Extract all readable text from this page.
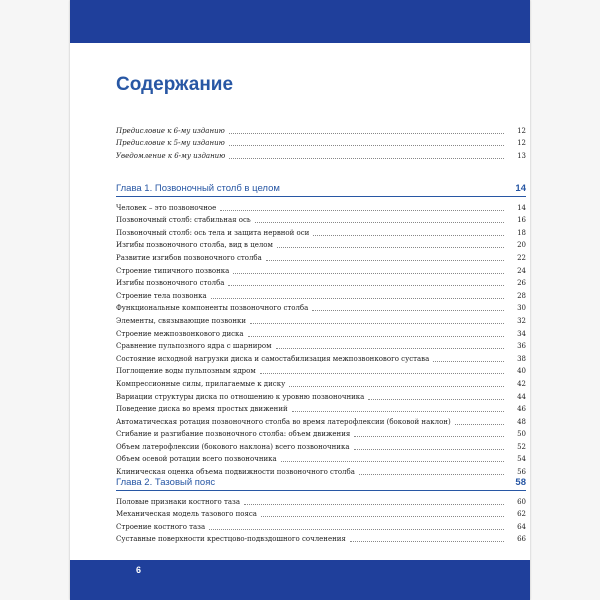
Содержание
Предисловие к 6-му изданию	12
Предисловие к 5-му изданию	12
Уведомление к 6-му изданию	13
Глава 1. Позвоночный столб в целом	14
Человек – это позвоночное	14
Позвоночный столб: стабильная ось	16
Позвоночный столб: ось тела и защита нервной оси	18
Изгибы позвоночного столба, вид в целом	20
Развитие изгибов позвоночного столба	22
Строение типичного позвонка	24
Изгибы позвоночного столба	26
Строение тела позвонка	28
Функциональные компоненты позвоночного столба	30
Элементы, связывающие позвонки	32
Строение межпозвонкового диска	34
Сравнение пульпозного ядра с шарниром	36
Состояние исходной нагрузки диска и самостабилизация межпозвонкового сустава	38
Поглощение воды пульпозным ядром	40
Компрессионные силы, прилагаемые к диску	42
Вариации структуры диска по отношению к уровню позвоночника	44
Поведение диска во время простых движений	46
Автоматическая ротация позвоночного столба во время латерофлексии (боковой наклон)	48
Сгибание и разгибание позвоночного столба: объем движения	50
Объем латерофлексии (бокового наклона) всего позвоночника	52
Объем осевой ротации всего позвоночника	54
Клиническая оценка объема подвижности позвоночного столба	56
Глава 2. Тазовый пояс	58
Половые признаки костного таза	60
Механическая модель тазового пояса	62
Строение костного таза	64
Суставные поверхности крестцово-подвздошного сочленения	66
6
